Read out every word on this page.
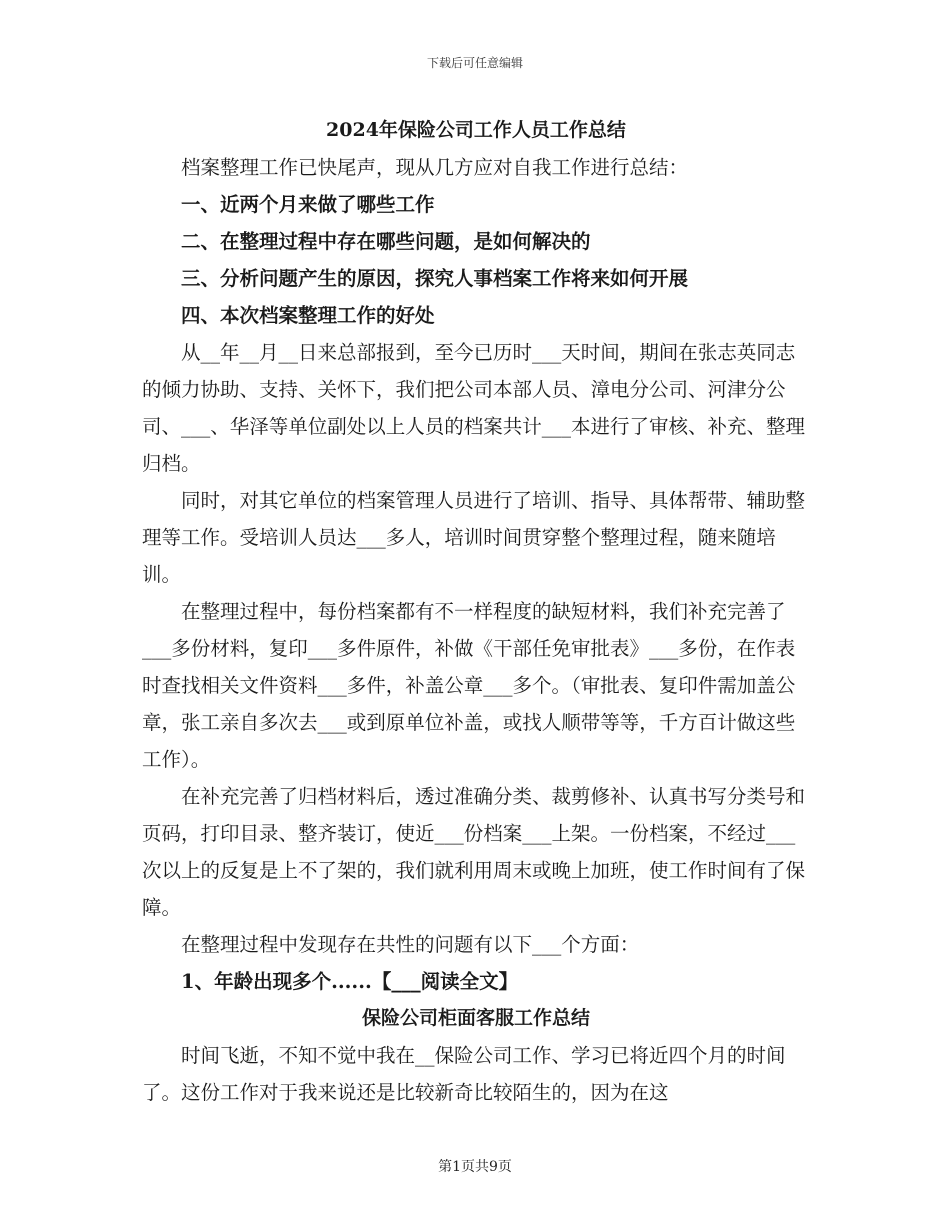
下载后可任意编辑

2024年保险公司工作人员工作总结

档案整理工作已快尾声，现从几方应对自我工作进行总结：

一、近两个月来做了哪些工作

二、在整理过程中存在哪些问题，是如何解决的

三、分析问题产生的原因，探究人事档案工作将来如何开展

四、本次档案整理工作的好处

从__年__月__日来总部报到，至今已历时___天时间，期间在张志英同志的倾力协助、支持、关怀下，我们把公司本部人员、漳电分公司、河津分公司、___、华泽等单位副处以上人员的档案共计___本进行了审核、补充、整理归档。

同时，对其它单位的档案管理人员进行了培训、指导、具体帮带、辅助整理等工作。受培训人员达___多人，培训时间贯穿整个整理过程，随来随培训。

在整理过程中，每份档案都有不一样程度的缺短材料，我们补充完善了___多份材料，复印___多件原件，补做《干部任免审批表》___多份，在作表时查找相关文件资料___多件，补盖公章___多个。（审批表、复印件需加盖公章，张工亲自多次去___或到原单位补盖，或找人顺带等等，千方百计做这些工作）。

在补充完善了归档材料后，透过准确分类、裁剪修补、认真书写分类号和页码，打印目录、整齐装订，使近___份档案___上架。一份档案，不经过___次以上的反复是上不了架的，我们就利用周末或晚上加班，使工作时间有了保障。

在整理过程中发现存在共性的问题有以下___个方面：

1、年龄出现多个......【___阅读全文】

保险公司柜面客服工作总结

时间飞逝，不知不觉中我在__保险公司工作、学习已将近四个月的时间了。这份工作对于我来说还是比较新奇比较陌生的，因为在这

第1页共9页
